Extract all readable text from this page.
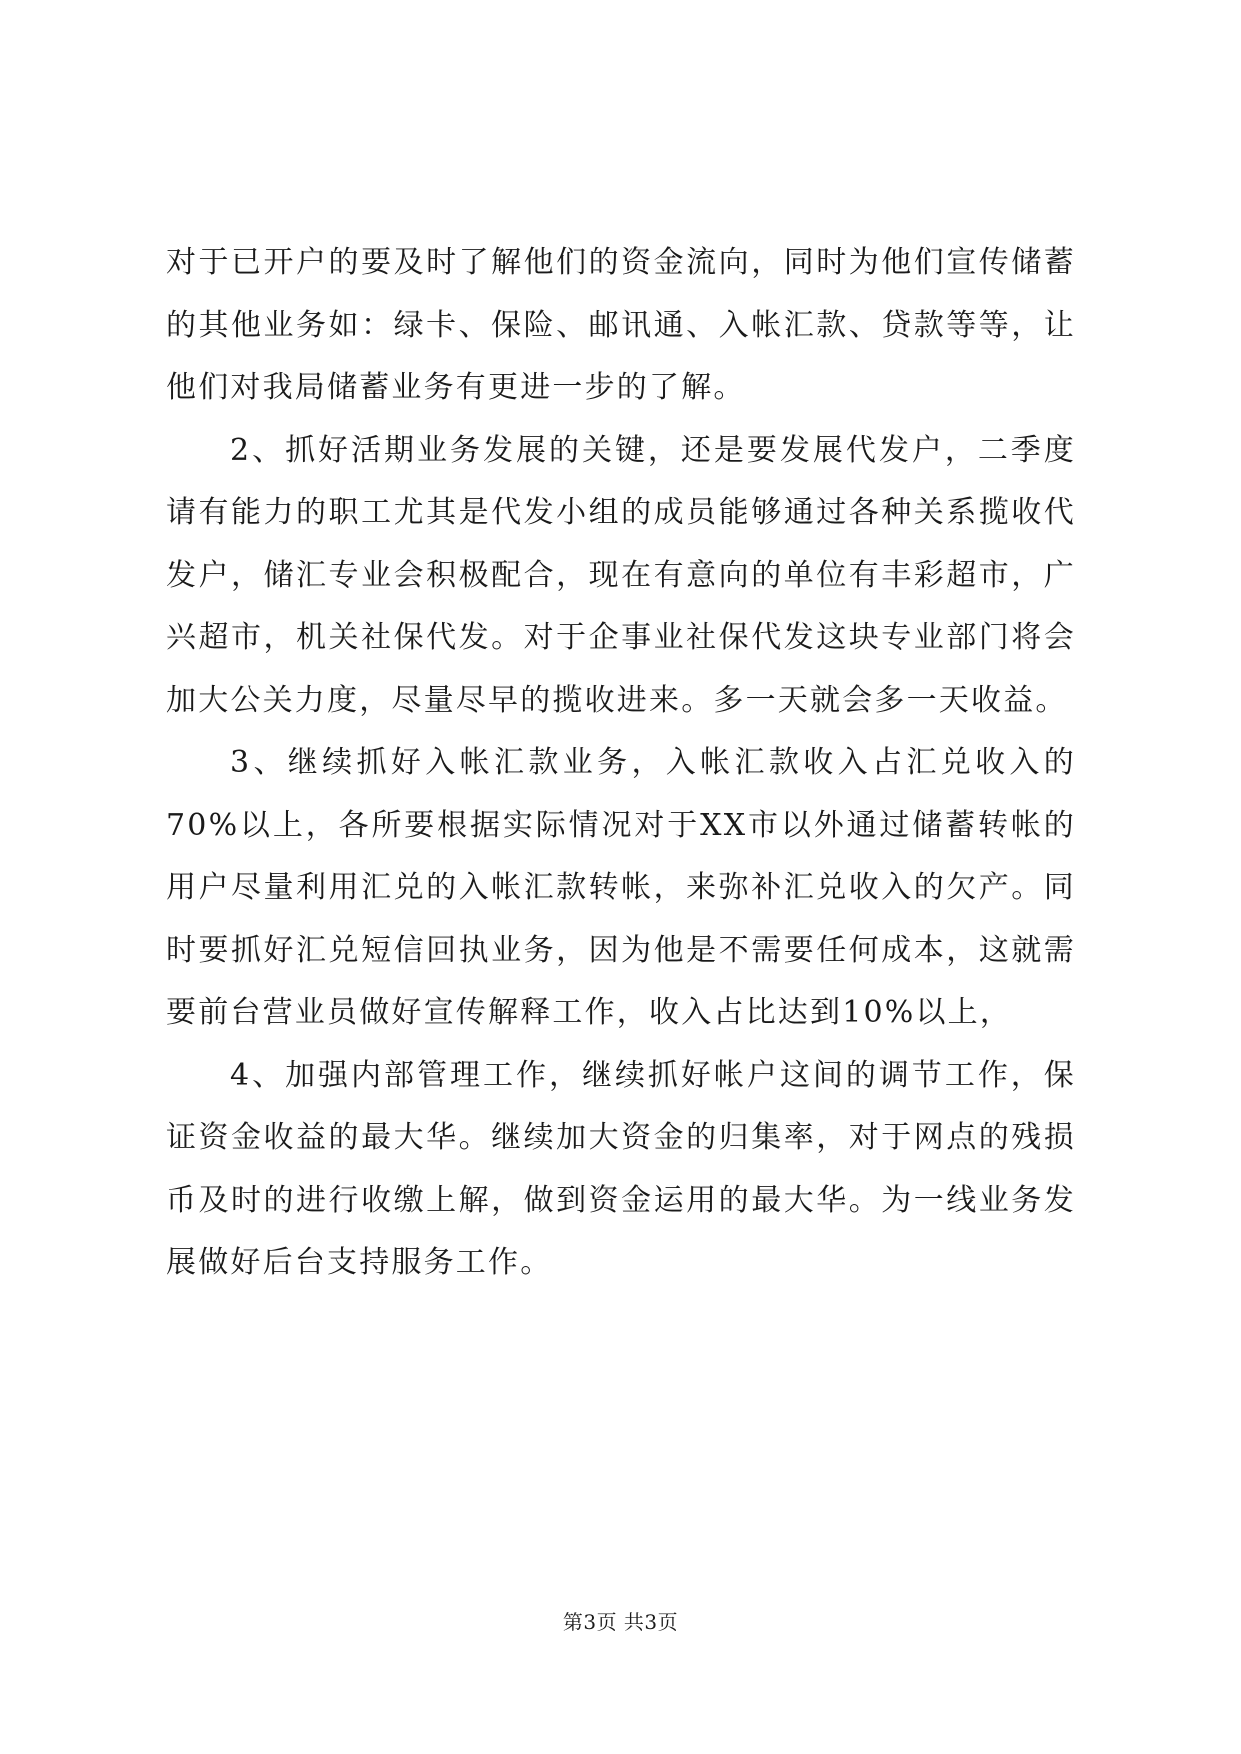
对于已开户的要及时了解他们的资金流向，同时为他们宣传储蓄的其他业务如：绿卡、保险、邮讯通、入帐汇款、贷款等等，让他们对我局储蓄业务有更进一步的了解。

2、抓好活期业务发展的关键，还是要发展代发户，二季度请有能力的职工尤其是代发小组的成员能够通过各种关系揽收代发户，储汇专业会积极配合，现在有意向的单位有丰彩超市，广兴超市，机关社保代发。对于企事业社保代发这块专业部门将会加大公关力度，尽量尽早的揽收进来。多一天就会多一天收益。

3、继续抓好入帐汇款业务，入帐汇款收入占汇兑收入的70%以上，各所要根据实际情况对于XX市以外通过储蓄转帐的用户尽量利用汇兑的入帐汇款转帐，来弥补汇兑收入的欠产。同时要抓好汇兑短信回执业务，因为他是不需要任何成本，这就需要前台营业员做好宣传解释工作，收入占比达到10%以上，

4、加强内部管理工作，继续抓好帐户这间的调节工作，保证资金收益的最大华。继续加大资金的归集率，对于网点的残损币及时的进行收缴上解，做到资金运用的最大华。为一线业务发展做好后台支持服务工作。

第3页 共3页
